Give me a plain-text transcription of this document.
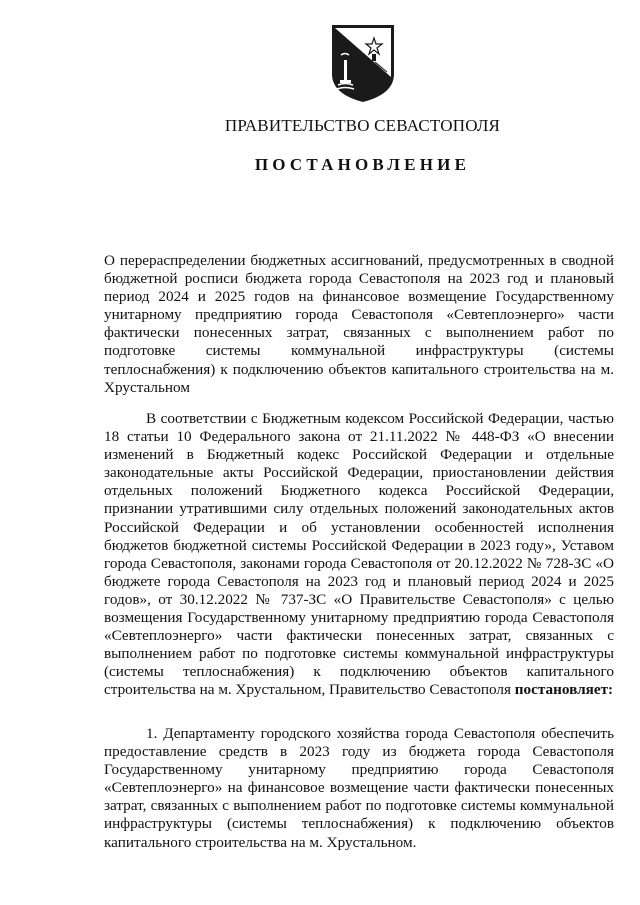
ПРАВИТЕЛЬСТВО СЕВАСТОПОЛЯ
ПОСТАНОВЛЕНИЕ
О перераспределении бюджетных ассигнований, предусмотренных в сводной бюджетной росписи бюджета города Севастополя на 2023 год и плановый период 2024 и 2025 годов на финансовое возмещение Государственному унитарному предприятию города Севастополя «Севтеплоэнерго» части фактически понесенных затрат, связанных с выполнением работ по подготовке системы коммунальной инфраструктуры (системы теплоснабжения) к подключению объектов капитального строительства на м. Хрустальном
В соответствии с Бюджетным кодексом Российской Федерации, частью 18 статьи 10 Федерального закона от 21.11.2022 № 448-ФЗ «О внесении изменений в Бюджетный кодекс Российской Федерации и отдельные законодательные акты Российской Федерации, приостановлении действия отдельных положений Бюджетного кодекса Российской Федерации, признании утратившими силу отдельных положений законодательных актов Российской Федерации и об установлении особенностей исполнения бюджетов бюджетной системы Российской Федерации в 2023 году», Уставом города Севастополя, законами города Севастополя от 20.12.2022 № 728-ЗС «О бюджете города Севастополя на 2023 год и плановый период 2024 и 2025 годов», от 30.12.2022 № 737-ЗС «О Правительстве Севастополя» с целью возмещения Государственному унитарному предприятию города Севастополя «Севтеплоэнерго» части фактически понесенных затрат, связанных с выполнением работ по подготовке системы коммунальной инфраструктуры (системы теплоснабжения) к подключению объектов капитального строительства на м. Хрустальном, Правительство Севастополя постановляет:
1. Департаменту городского хозяйства города Севастополя обеспечить предоставление средств в 2023 году из бюджета города Севастополя Государственному унитарному предприятию города Севастополя «Севтеплоэнерго» на финансовое возмещение части фактически понесенных затрат, связанных с выполнением работ по подготовке системы коммунальной инфраструктуры (системы теплоснабжения) к подключению объектов капитального строительства на м. Хрустальном.
